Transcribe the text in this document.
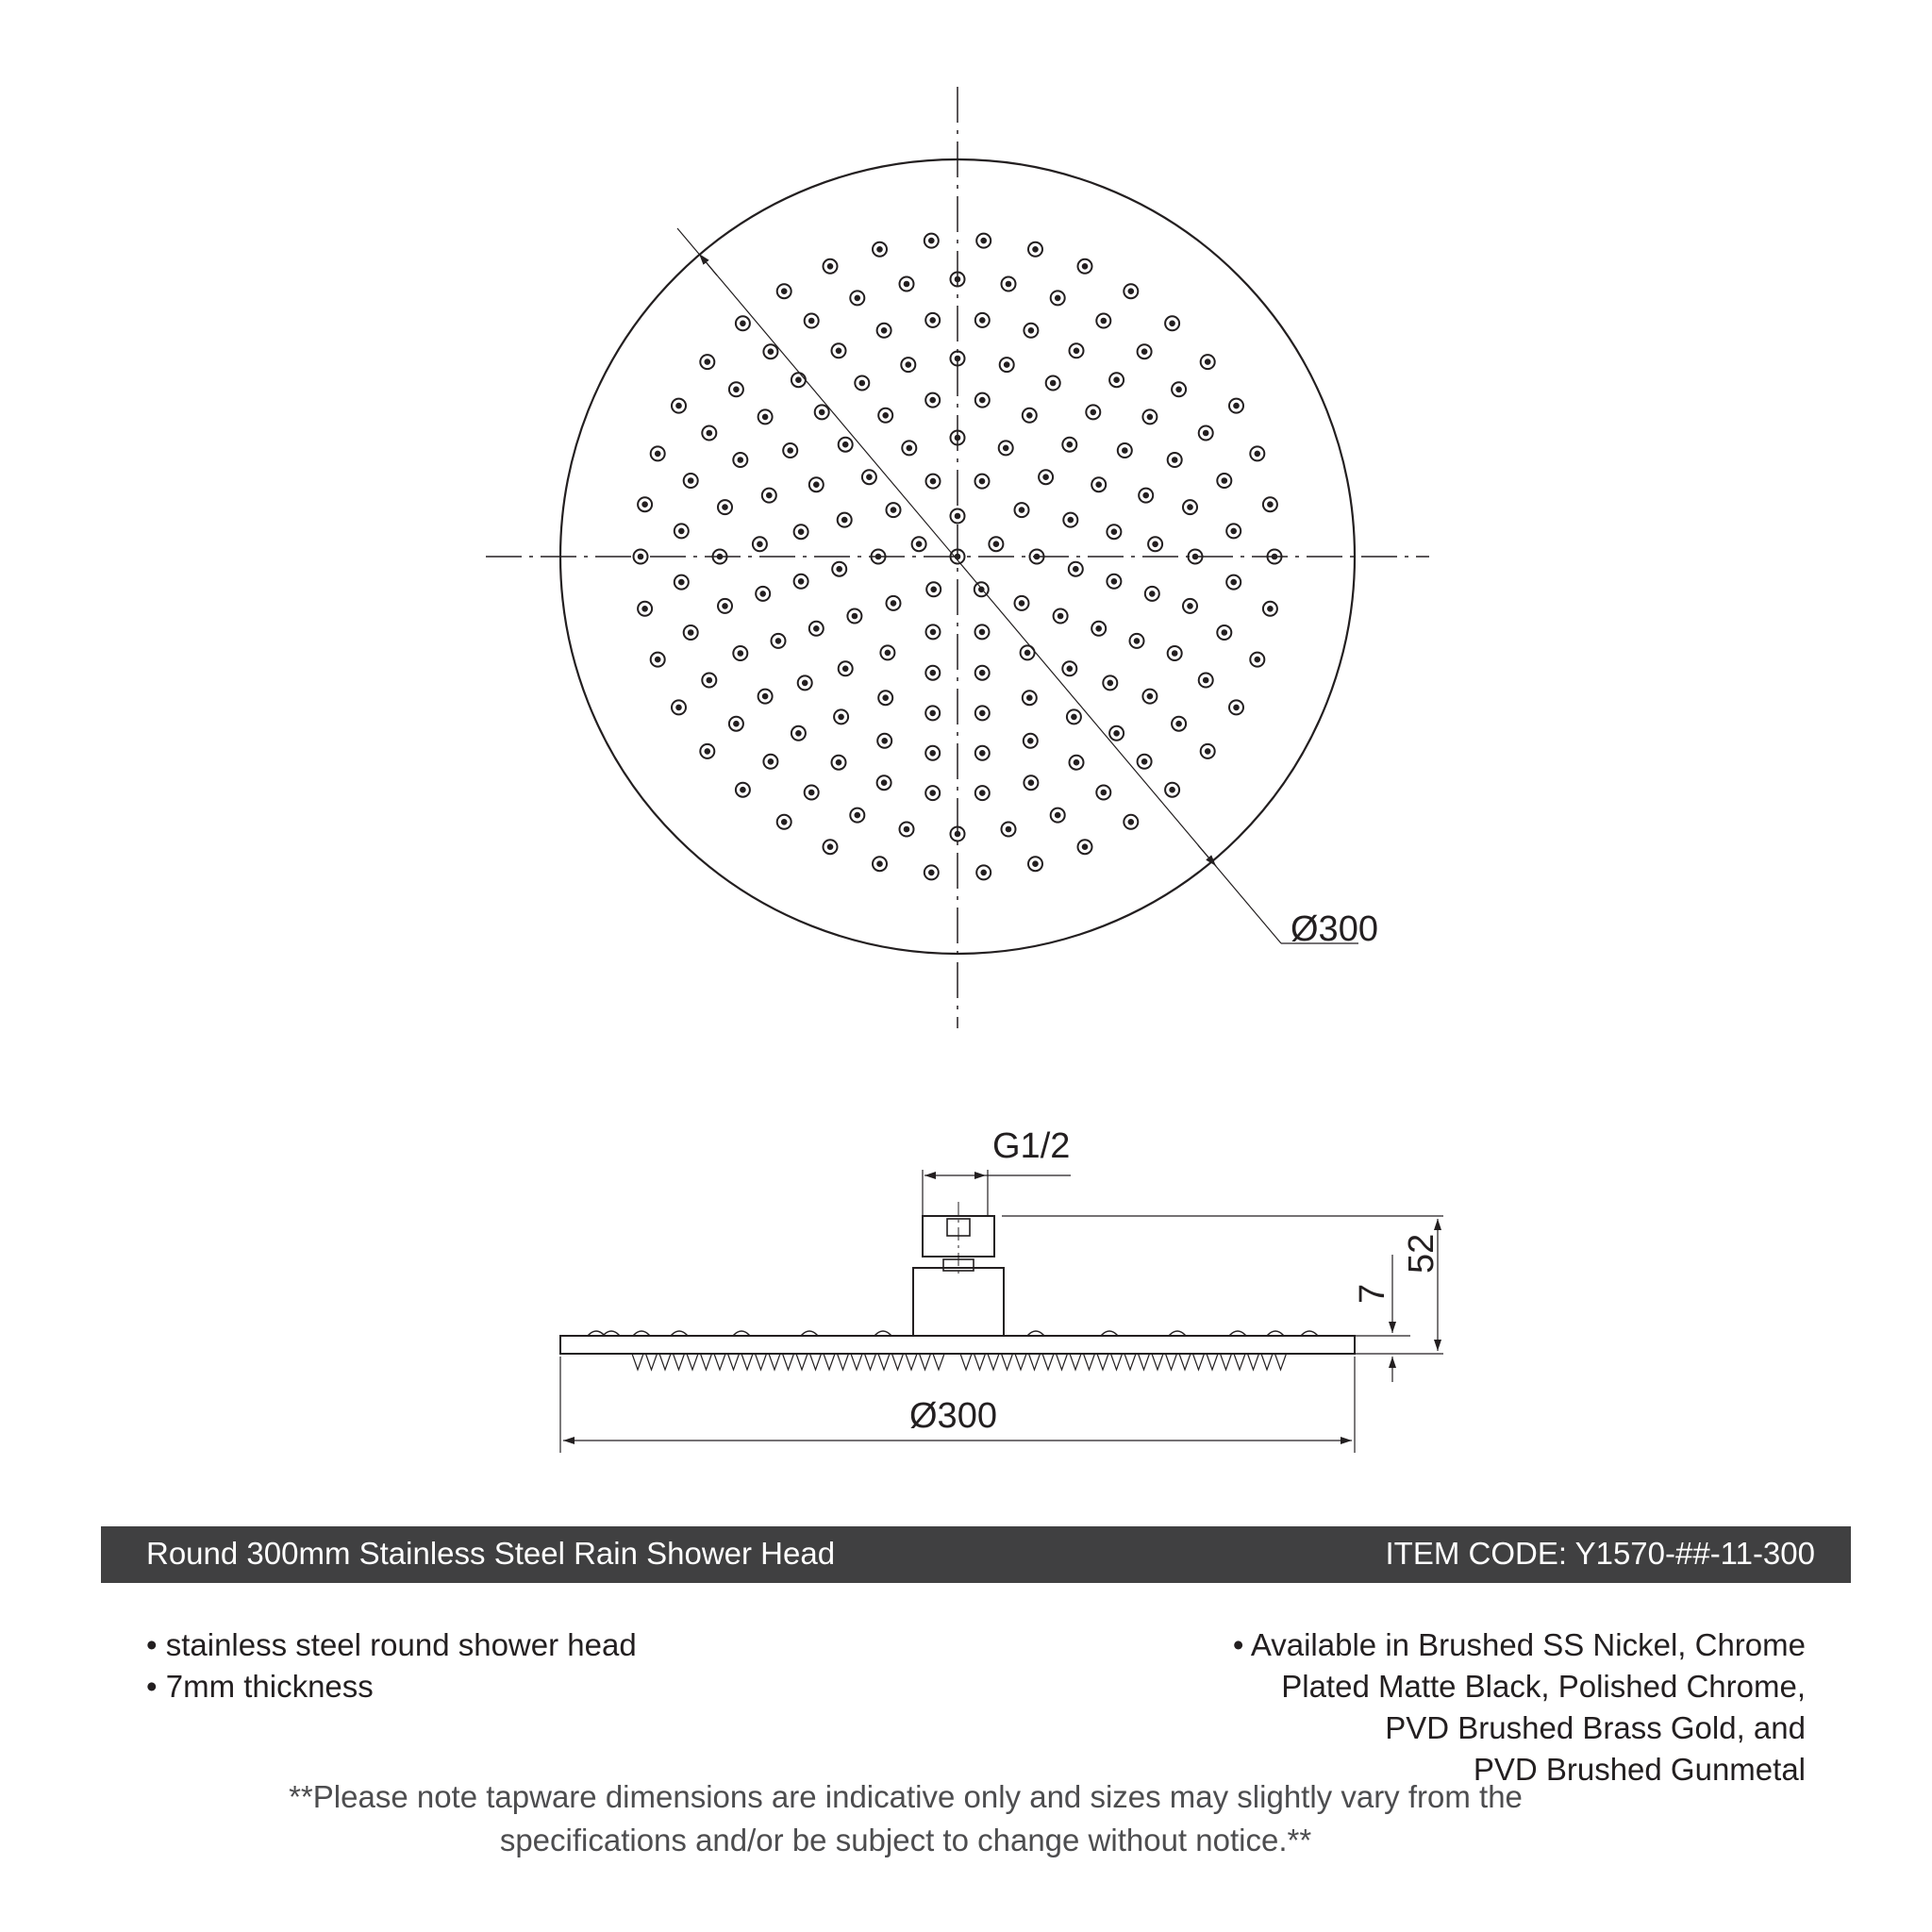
Ø300
G1/2
Ø300
52
7
Round 300mm Stainless Steel Rain Shower Head	ITEM CODE: Y1570-##-11-300
• stainless steel round shower head
• 7mm thickness
• Available in Brushed SS Nickel, Chrome
Plated Matte Black, Polished Chrome,
PVD Brushed Brass Gold, and
PVD Brushed Gunmetal
**Please note tapware dimensions are indicative only and sizes may slightly vary from the
specifications and/or be subject to change without notice.**
